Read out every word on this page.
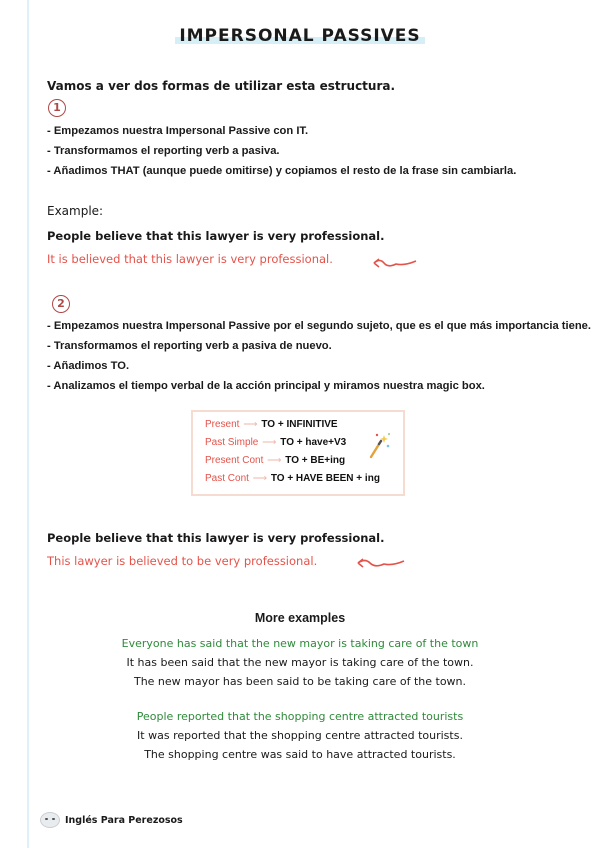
IMPERSONAL PASSIVES
Vamos a ver dos formas de utilizar esta estructura.
1
- Empezamos nuestra Impersonal Passive con IT.
- Transformamos el reporting verb a pasiva.
- Añadimos THAT (aunque puede omitirse) y copiamos el resto de la frase sin cambiarla.
Example:
People believe that this lawyer is very professional.
It is believed that this lawyer is very professional.
2
- Empezamos nuestra Impersonal Passive por el segundo sujeto, que es el que más importancia tiene.
- Transformamos el reporting verb a pasiva de nuevo.
- Añadimos TO.
- Analizamos el tiempo verbal de la acción principal y miramos nuestra magic box.
Present ⟶ TO + INFINITIVE
Past Simple ⟶ TO + have+V3
Present Cont ⟶ TO + BE+ing
Past Cont ⟶ TO + HAVE BEEN + ing
People believe that this lawyer is very professional.
This lawyer is believed to be very professional.
More examples
Everyone has said that the new mayor is taking care of the town
It has been said that the new mayor is taking care of the town.
The new mayor has been said to be taking care of the town.
People reported that the shopping centre attracted tourists
It was reported that the shopping centre attracted tourists.
The shopping centre was said to have attracted tourists.
Inglés Para Perezosos
